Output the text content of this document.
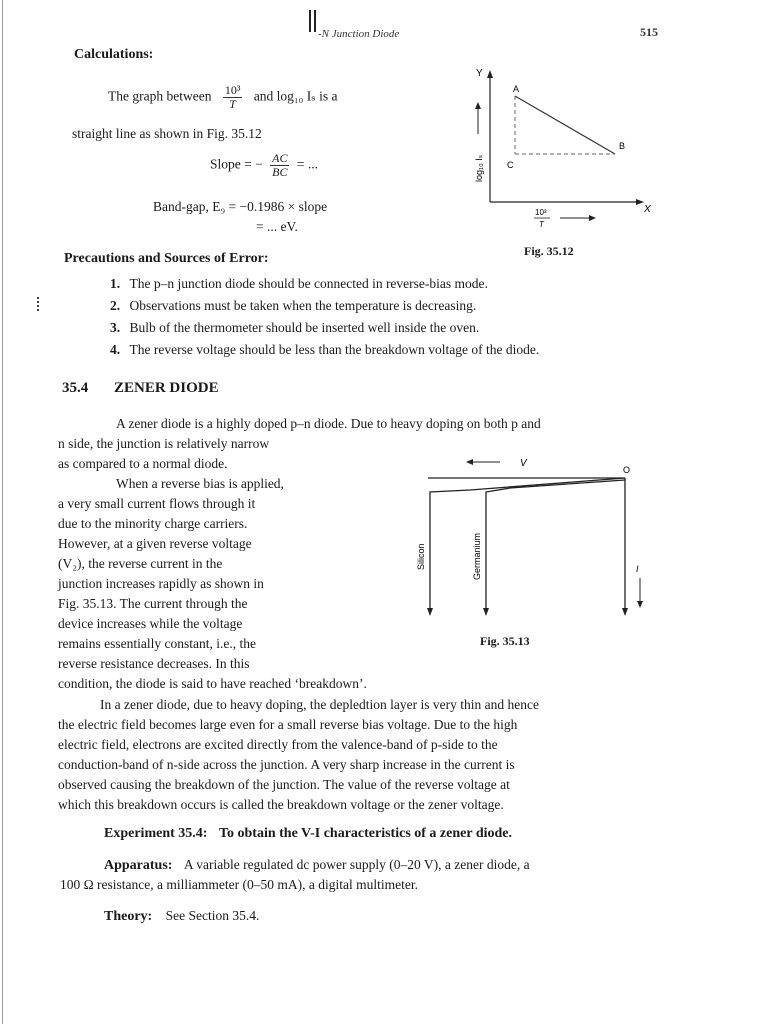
-N Junction Diode	515
Calculations:
The graph between $\frac{\text{10³}}{T}$ and log₁₀ Iₛ is a
straight line as shown in Fig. 35.12
Slope = − $\frac{AC}{BC}$ = ...
Band-gap, E₉ = −0.1986 × slope
= ... eV.
Y
X
A
B
C
log₁₀ Iₛ
10³
T
Fig. 35.12
Precautions and Sources of Error:
1. The p–n junction diode should be connected in reverse-bias mode.
2. Observations must be taken when the temperature is decreasing.
3. Bulb of the thermometer should be inserted well inside the oven.
4. The reverse voltage should be less than the breakdown voltage of the diode.
35.4 ZENER DIODE
A zener diode is a highly doped p–n diode. Due to heavy doping on both p and
n side, the junction is relatively narrow
as compared to a normal diode.
When a reverse bias is applied,
a very small current flows through it
due to the minority charge carriers.
However, at a given reverse voltage
(V₂), the reverse current in the
junction increases rapidly as shown in
Fig. 35.13. The current through the
device increases while the voltage
remains essentially constant, i.e., the
reverse resistance decreases. In this
condition, the diode is said to have reached ‘breakdown’.
V
O
I
Silicon	Germanium
Fig. 35.13
In a zener diode, due to heavy doping, the depledtion layer is very thin and hence
the electric field becomes large even for a small reverse bias voltage. Due to the high
electric field, electrons are excited directly from the valence-band of p-side to the
conduction-band of n-side across the junction. A very sharp increase in the current is
observed causing the breakdown of the junction. The value of the reverse voltage at
which this breakdown occurs is called the breakdown voltage or the zener voltage.
Experiment 35.4: To obtain the V-I characteristics of a zener diode.
Apparatus: A variable regulated dc power supply (0–20 V), a zener diode, a
100 Ω resistance, a milliammeter (0–50 mA), a digital multimeter.
Theory: See Section 35.4.
